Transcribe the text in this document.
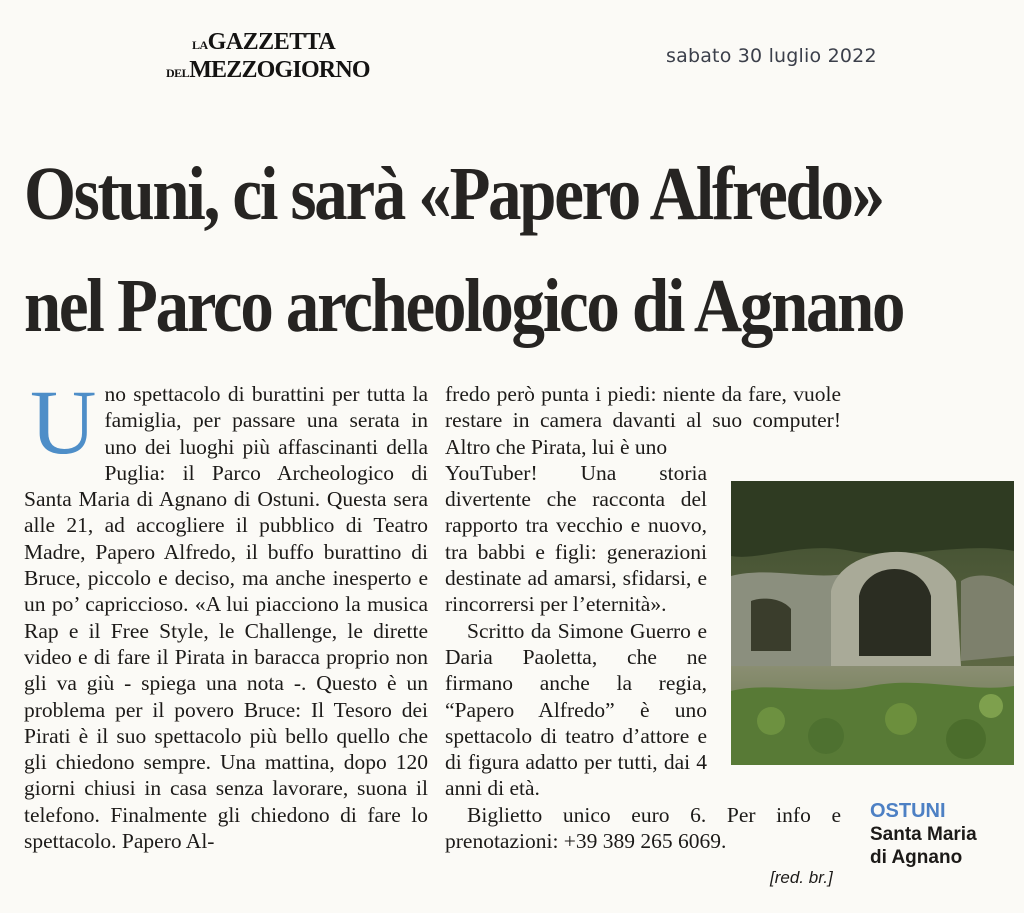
LAGAZZETTA
DELMEZZOGIORNO
sabato 30 luglio 2022
Ostuni, ci sarà «Papero Alfredo»
nel Parco archeologico di Agnano
U no spettacolo di burattini per tutta la famiglia, per passare una serata in uno dei luoghi più affascinanti della Puglia: il Parco Archeologico di Santa Maria di Agnano di Ostuni. Questa sera alle 21, ad accogliere il pubblico di Teatro Madre, Papero Alfredo, il buffo burattino di Bruce, piccolo e deciso, ma anche inesperto e un po’ capriccioso. «A lui piacciono la musica Rap e il Free Style, le Challenge, le dirette video e di fare il Pirata in baracca proprio non gli va giù - spiega una nota -. Questo è un problema per il povero Bruce: Il Tesoro dei Pirati è il suo spettacolo più bello quello che gli chiedono sempre. Una mattina, dopo 120 giorni chiusi in casa senza lavorare, suona il telefono. Finalmente gli chiedono di fare lo spettacolo. Papero Al-

fredo però punta i piedi: niente da fare, vuole restare in camera davanti al suo computer! Altro che Pirata, lui è uno

YouTuber! Una storia divertente che racconta del rapporto tra vecchio e nuovo, tra babbi e figli: generazioni destinate ad amarsi, sfidarsi, e rincorrersi per l’eternità».

Scritto da Simone Guerro e Daria Paoletta, che ne firmano anche la regia, “Papero Alfredo” è uno spettacolo di teatro d’attore e di figura adatto per tutti, dai 4 anni di età.

Biglietto unico euro 6. Per info e prenotazioni: +39 389 265 6069.

OSTUNI
Santa Maria
di Agnano
[red. br.]
